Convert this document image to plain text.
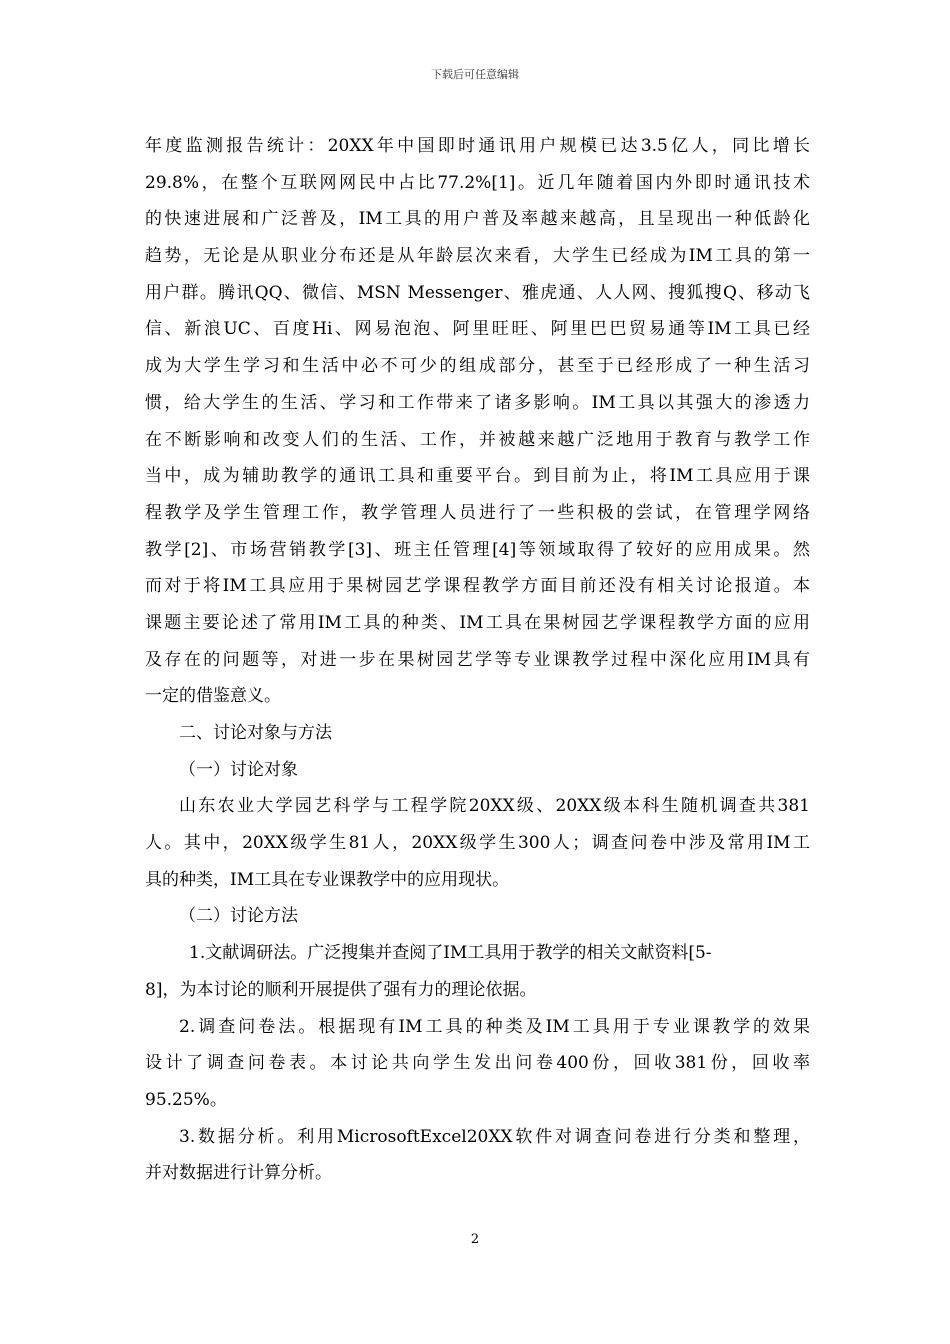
下载后可任意编辑
年度监测报告统计：20XX年中国即时通讯用户规模已达3.5亿人，同比增长
29.8%，在整个互联网网民中占比77.2%[1]。近几年随着国内外即时通讯技术
的快速进展和广泛普及，IM工具的用户普及率越来越高，且呈现出一种低龄化
趋势，无论是从职业分布还是从年龄层次来看，大学生已经成为IM工具的第一
用户群。腾讯QQ、微信、MSN Messenger、雅虎通、人人网、搜狐搜Q、移动飞
信、新浪UC、百度Hi、网易泡泡、阿里旺旺、阿里巴巴贸易通等IM工具已经
成为大学生学习和生活中必不可少的组成部分，甚至于已经形成了一种生活习
惯，给大学生的生活、学习和工作带来了诸多影响。IM工具以其强大的渗透力
在不断影响和改变人们的生活、工作，并被越来越广泛地用于教育与教学工作
当中，成为辅助教学的通讯工具和重要平台。到目前为止，将IM工具应用于课
程教学及学生管理工作，教学管理人员进行了一些积极的尝试，在管理学网络
教学[2]、市场营销教学[3]、班主任管理[4]等领域取得了较好的应用成果。然
而对于将IM工具应用于果树园艺学课程教学方面目前还没有相关讨论报道。本
课题主要论述了常用IM工具的种类、IM工具在果树园艺学课程教学方面的应用
及存在的问题等，对进一步在果树园艺学等专业课教学过程中深化应用IM具有
一定的借鉴意义。
二、讨论对象与方法
（一）讨论对象
山东农业大学园艺科学与工程学院20XX级、20XX级本科生随机调查共381
人。其中，20XX级学生81人，20XX级学生300人；调查问卷中涉及常用IM工
具的种类，IM工具在专业课教学中的应用现状。
（二）讨论方法
1.文献调研法。广泛搜集并查阅了IM工具用于教学的相关文献资料[5-
8]，为本讨论的顺利开展提供了强有力的理论依据。
2.调查问卷法。根据现有IM工具的种类及IM工具用于专业课教学的效果
设计了调查问卷表。本讨论共向学生发出问卷400份，回收381份，回收率
95.25%。
3.数据分析。利用MicrosoftExcel20XX软件对调查问卷进行分类和整理，
并对数据进行计算分析。
2
